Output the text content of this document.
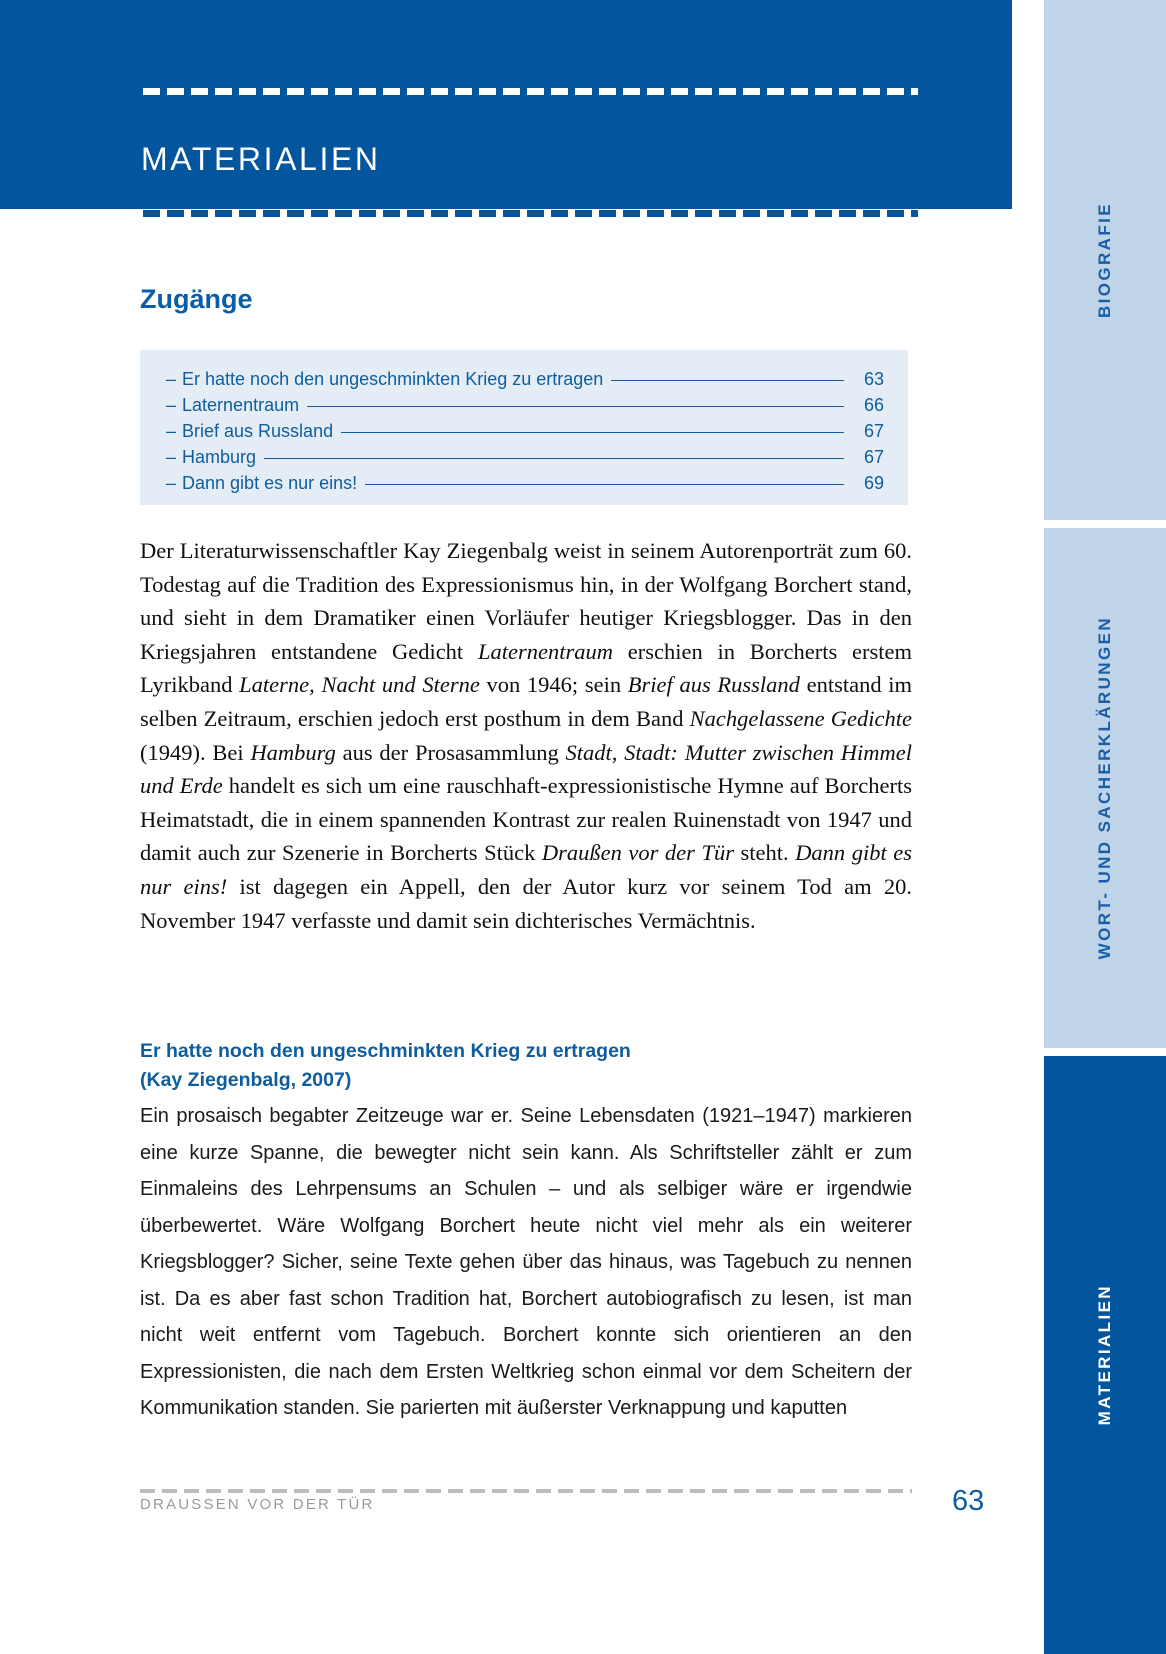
MATERIALIEN
Zugänge
– Er hatte noch den ungeschminkten Krieg zu ertragen	63
– Laternentraum	66
– Brief aus Russland	67
– Hamburg	67
– Dann gibt es nur eins!	69
Der Literaturwissenschaftler Kay Ziegenbalg weist in seinem Autorenporträt zum 60. Todestag auf die Tradition des Expressionismus hin, in der Wolfgang Borchert stand, und sieht in dem Dramatiker einen Vorläufer heutiger Kriegsblogger. Das in den Kriegsjahren entstandene Gedicht Laternentraum erschien in Borcherts erstem Lyrikband Laterne, Nacht und Sterne von 1946; sein Brief aus Russland entstand im selben Zeitraum, erschien jedoch erst posthum in dem Band Nachgelassene Gedichte (1949). Bei Hamburg aus der Prosasammlung Stadt, Stadt: Mutter zwischen Himmel und Erde handelt es sich um eine rauschhaft-expressionistische Hymne auf Borcherts Heimatstadt, die in einem spannenden Kontrast zur realen Ruinenstadt von 1947 und damit auch zur Szenerie in Borcherts Stück Draußen vor der Tür steht. Dann gibt es nur eins! ist dagegen ein Appell, den der Autor kurz vor seinem Tod am 20. November 1947 verfasste und damit sein dichterisches Vermächtnis.
Er hatte noch den ungeschminkten Krieg zu ertragen
(Kay Ziegenbalg, 2007)
Ein prosaisch begabter Zeitzeuge war er. Seine Lebensdaten (1921–1947) markieren eine kurze Spanne, die bewegter nicht sein kann. Als Schriftsteller zählt er zum Einmaleins des Lehrpensums an Schulen – und als selbiger wäre er irgendwie überbewertet. Wäre Wolfgang Borchert heute nicht viel mehr als ein weiterer Kriegsblogger? Sicher, seine Texte gehen über das hinaus, was Tagebuch zu nennen ist. Da es aber fast schon Tradition hat, Borchert autobiografisch zu lesen, ist man nicht weit entfernt vom Tagebuch. Borchert konnte sich orientieren an den Expressionisten, die nach dem Ersten Weltkrieg schon einmal vor dem Scheitern der Kommunikation standen. Sie parierten mit äußerster Verknappung und kaputten
DRAUSSEN VOR DER TÜR	63
BIOGRAFIE
WORT- UND SACHERKLÄRUNGEN
MATERIALIEN
